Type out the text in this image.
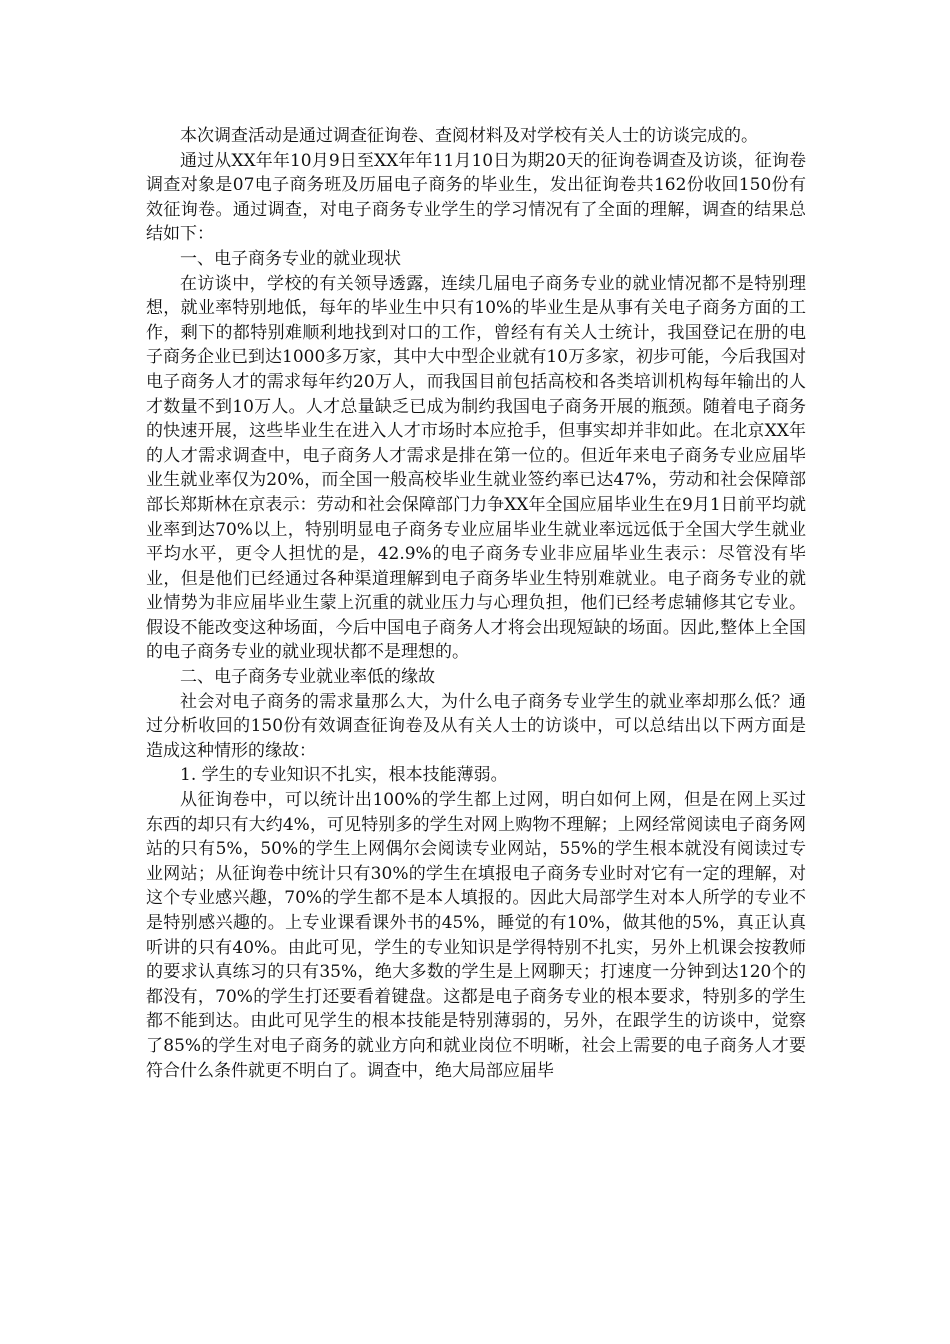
本次调查活动是通过调查征询卷、查阅材料及对学校有关人士的访谈完成的。

通过从XX年年10月9日至XX年年11月10日为期20天的征询卷调查及访谈，征询卷调查对象是07电子商务班及历届电子商务的毕业生，发出征询卷共162份收回150份有效征询卷。通过调查，对电子商务专业学生的学习情况有了全面的理解，调查的结果总结如下：

一、电子商务专业的就业现状

在访谈中，学校的有关领导透露，连续几届电子商务专业的就业情况都不是特别理想，就业率特别地低，每年的毕业生中只有10%的毕业生是从事有关电子商务方面的工作，剩下的都特别难顺利地找到对口的工作，曾经有有关人士统计，我国登记在册的电子商务企业已到达1000多万家，其中大中型企业就有10万多家，初步可能，今后我国对电子商务人才的需求每年约20万人，而我国目前包括高校和各类培训机构每年输出的人才数量不到10万人。人才总量缺乏已成为制约我国电子商务开展的瓶颈。随着电子商务的快速开展，这些毕业生在进入人才市场时本应抢手，但事实却并非如此。在北京XX年的人才需求调查中，电子商务人才需求是排在第一位的。但近年来电子商务专业应届毕业生就业率仅为20%，而全国一般高校毕业生就业签约率已达47%，劳动和社会保障部部长郑斯林在京表示：劳动和社会保障部门力争XX年全国应届毕业生在9月1日前平均就业率到达70%以上，特别明显电子商务专业应届毕业生就业率远远低于全国大学生就业平均水平，更令人担忧的是，42.9%的电子商务专业非应届毕业生表示：尽管没有毕业，但是他们已经通过各种渠道理解到电子商务毕业生特别难就业。电子商务专业的就业情势为非应届毕业生蒙上沉重的就业压力与心理负担，他们已经考虑辅修其它专业。假设不能改变这种场面，今后中国电子商务人才将会出现短缺的场面。因此,整体上全国的电子商务专业的就业现状都不是理想的。

二、电子商务专业就业率低的缘故

社会对电子商务的需求量那么大，为什么电子商务专业学生的就业率却那么低？通过分析收回的150份有效调查征询卷及从有关人士的访谈中，可以总结出以下两方面是造成这种情形的缘故：

1. 学生的专业知识不扎实，根本技能薄弱。

从征询卷中，可以统计出100%的学生都上过网，明白如何上网，但是在网上买过东西的却只有大约4%，可见特别多的学生对网上购物不理解；上网经常阅读电子商务网站的只有5%，50%的学生上网偶尔会阅读专业网站，55%的学生根本就没有阅读过专业网站；从征询卷中统计只有30%的学生在填报电子商务专业时对它有一定的理解，对这个专业感兴趣，70%的学生都不是本人填报的。因此大局部学生对本人所学的专业不是特别感兴趣的。上专业课看课外书的45%，睡觉的有10%，做其他的5%，真正认真听讲的只有40%。由此可见，学生的专业知识是学得特别不扎实，另外上机课会按教师的要求认真练习的只有35%，绝大多数的学生是上网聊天；打速度一分钟到达120个的都没有，70%的学生打还要看着键盘。这都是电子商务专业的根本要求，特别多的学生都不能到达。由此可见学生的根本技能是特别薄弱的，另外，在跟学生的访谈中，觉察了85%的学生对电子商务的就业方向和就业岗位不明晰，社会上需要的电子商务人才要符合什么条件就更不明白了。调查中，绝大局部应届毕
